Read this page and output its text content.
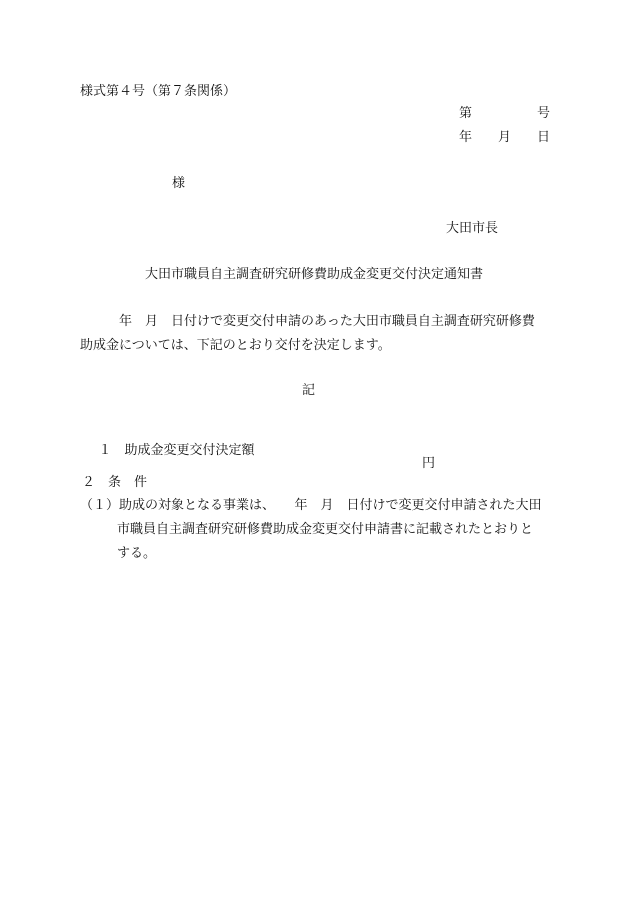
様式第４号（第７条関係）

第　　　　　号

年　　月　　日

様

大田市長

大田市職員自主調査研究研修費助成金変更交付決定通知書

　　　年　月　日付けで変更交付申請のあった大田市職員自主調査研究研修費

助成金については、下記のとおり交付を決定します。

記

１　助成金変更交付決定額

円

２　条　件

（１）助成の対象となる事業は、　　年　月　日付けで変更交付申請された大田

市職員自主調査研究研修費助成金変更交付申請書に記載されたとおりと

する。
